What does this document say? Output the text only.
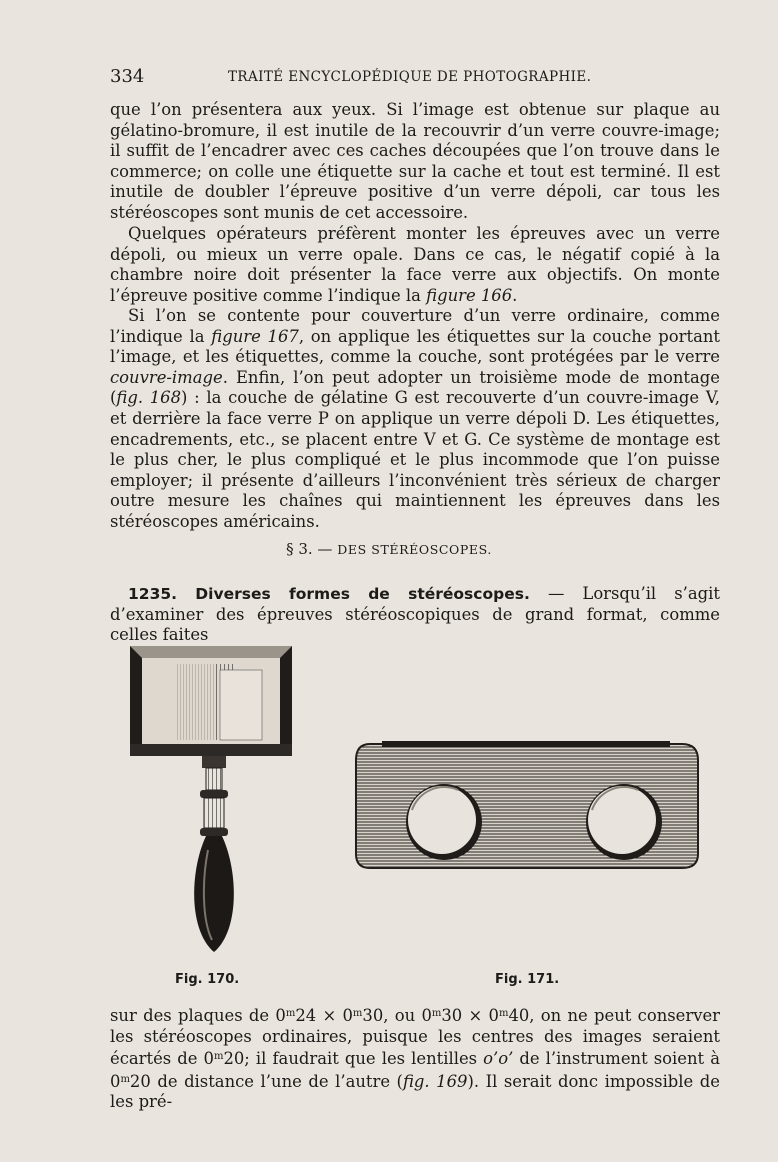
334	TRAITÉ ENCYCLOPÉDIQUE DE PHOTOGRAPHIE.
que l’on présentera aux yeux. Si l’image est obtenue sur plaque au gélatino-bromure, il est inutile de la recouvrir d’un verre couvre-image; il suffit de l’encadrer avec ces caches découpées que l’on trouve dans le commerce; on colle une étiquette sur la cache et tout est terminé. Il est inutile de doubler l’épreuve positive d’un verre dépoli, car tous les stéréoscopes sont munis de cet accessoire.
Quelques opérateurs préfèrent monter les épreuves avec un verre dépoli, ou mieux un verre opale. Dans ce cas, le négatif copié à la chambre noire doit présenter la face verre aux objectifs. On monte l’épreuve positive comme l’indique la figure 166.
Si l’on se contente pour couverture d’un verre ordinaire, comme l’indique la figure 167, on applique les étiquettes sur la couche portant l’image, et les étiquettes, comme la couche, sont protégées par le verre couvre-image. Enfin, l’on peut adopter un troisième mode de montage (fig. 168) : la couche de gélatine G est recouverte d’un couvre-image V, et derrière la face verre P on applique un verre dépoli D. Les étiquettes, encadrements, etc., se placent entre V et G. Ce système de montage est le plus cher, le plus compliqué et le plus incommode que l’on puisse employer; il présente d’ailleurs l’inconvénient très sérieux de charger outre mesure les chaînes qui maintiennent les épreuves dans les stéréoscopes américains.
§ 3. — DES STÉRÉOSCOPES.
1235. Diverses formes de stéréoscopes. — Lorsqu’il s’agit d’examiner des épreuves stéréoscopiques de grand format, comme celles faites
Fig. 170.	Fig. 171.
sur des plaques de $0^m24 \times 0^m30$, ou $0^m30 \times 0^m40$, on ne peut conserver les stéréoscopes ordinaires, puisque les centres des images seraient écartés de 0$^m$20; il faudrait que les lentilles o’o’ de l’instrument soient à 0$^m$20 de distance l’une de l’autre (fig. 169). Il serait donc impossible de les pré-
